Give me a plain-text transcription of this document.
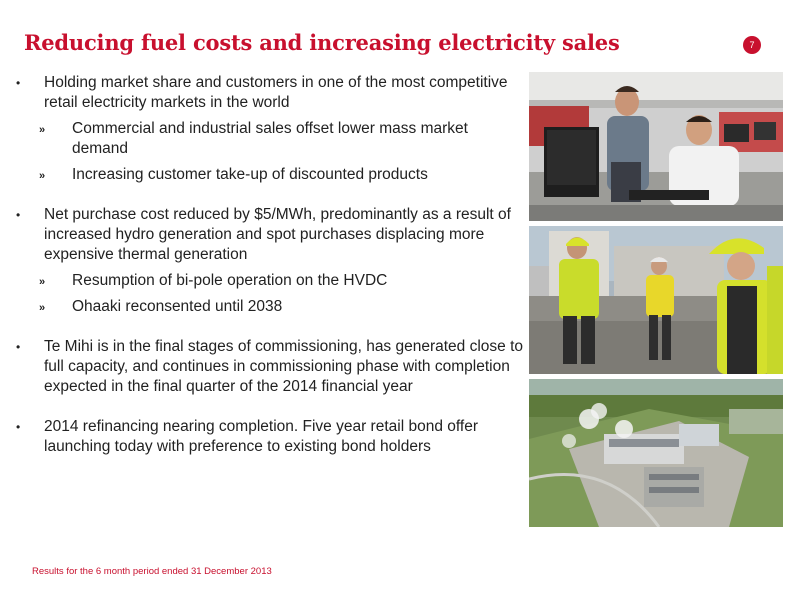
Reducing fuel costs and increasing electricity sales	7
• Holding market share and customers in one of the most competitive retail electricity markets in the world
» Commercial and industrial sales offset lower mass market demand
» Increasing customer take-up of discounted products
• Net purchase cost reduced by $5/MWh, predominantly as a result of increased hydro generation and spot purchases displacing more expensive thermal generation
» Resumption of bi-pole operation on the HVDC
» Ohaaki reconsented until 2038
• Te Mihi is in the final stages of commissioning, has generated close to full capacity, and continues in commissioning phase with completion expected in the final quarter of the 2014 financial year
• 2014 refinancing nearing completion. Five year retail bond offer launching today with preference to existing bond holders
Results for the 6 month period ended 31 December 2013
